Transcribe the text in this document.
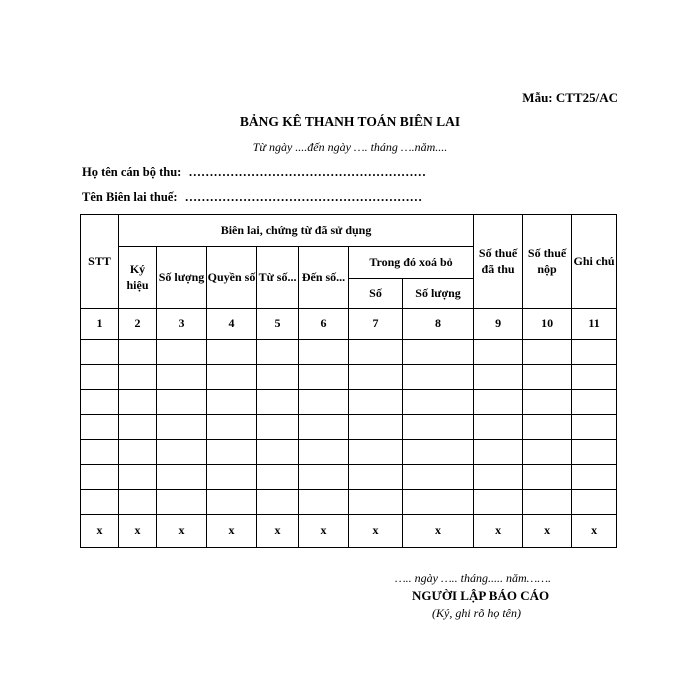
Mẫu: CTT25/AC
BẢNG KÊ THANH TOÁN BIÊN LAI
Từ ngày ....đến ngày …. tháng ….năm....
Họ tên cán bộ thu: …………………………………………………
Tên Biên lai thuế: …………………………………………………
STT	Biên lai, chứng từ đã sử dụng							Số thuế đã thu	Số thuế nộp	Ghi chú
	Ký hiệu	Số lượng	Quyền số	Từ số...	Đến số...	Trong đó xoá bỏ				
						Số	Số lượng			
1	2	3	4	5	6	7	8	9	10	11

x	x	x	x	x	x	x	x	x	x	x
….. ngày ….. tháng..... năm…….
NGƯỜI LẬP BÁO CÁO
(Ký, ghi rõ họ tên)
